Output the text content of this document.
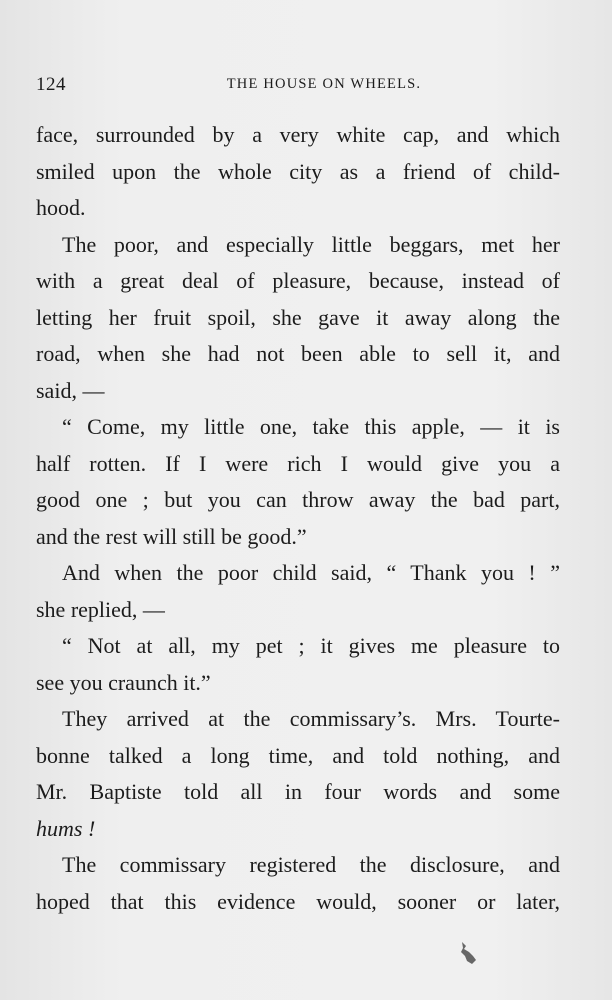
124	THE HOUSE ON WHEELS.
face, surrounded by a very white cap, and which
smiled upon the whole city as a friend of child-
hood.
The poor, and especially little beggars, met her
with a great deal of pleasure, because, instead of
letting her fruit spoil, she gave it away along the
road, when she had not been able to sell it, and
said, —
“ Come, my little one, take this apple, — it is
half rotten. If I were rich I would give you a
good one ; but you can throw away the bad part,
and the rest will still be good.”
And when the poor child said, “ Thank you ! ”
she replied, —
“ Not at all, my pet ; it gives me pleasure to
see you craunch it.”
They arrived at the commissary’s. Mrs. Tourte-
bonne talked a long time, and told nothing, and
Mr. Baptiste told all in four words and some
hums !
The commissary registered the disclosure, and
hoped that this evidence would, sooner or later,
